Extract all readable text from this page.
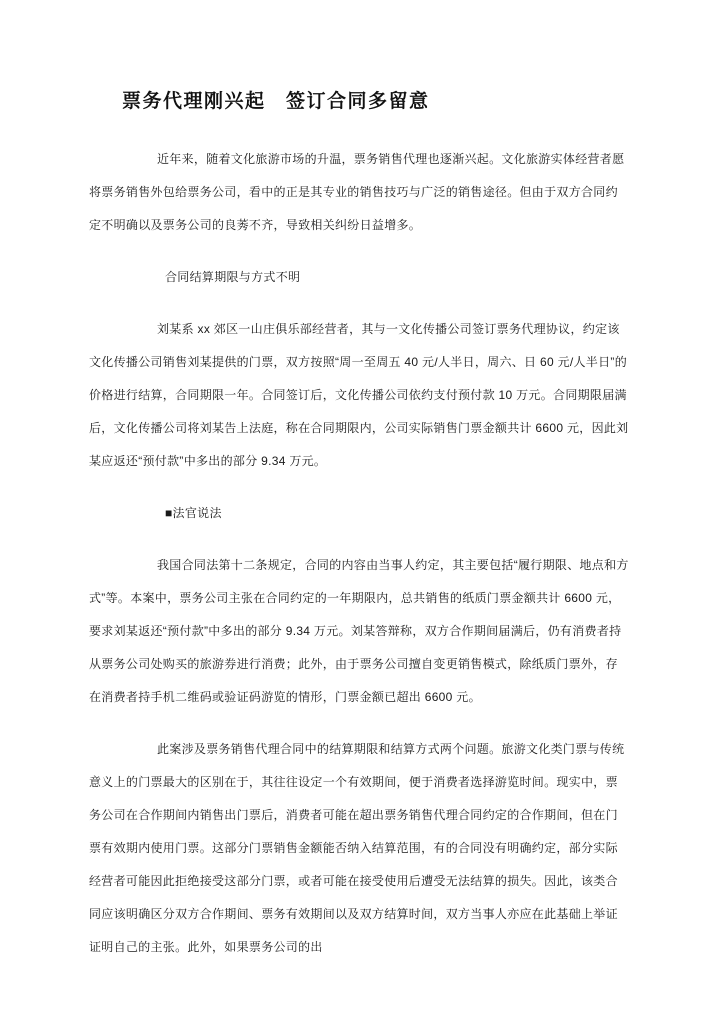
票务代理刚兴起　签订合同多留意

近年来，随着文化旅游市场的升温，票务销售代理也逐渐兴起。文化旅游实体经营者愿将票务销售外包给票务公司，看中的正是其专业的销售技巧与广泛的销售途径。但由于双方合同约定不明确以及票务公司的良莠不齐，导致相关纠纷日益增多。

合同结算期限与方式不明

刘某系 xx 郊区一山庄俱乐部经营者，其与一文化传播公司签订票务代理协议，约定该文化传播公司销售刘某提供的门票，双方按照“周一至周五 40 元/人半日，周六、日 60 元/人半日”的价格进行结算，合同期限一年。合同签订后，文化传播公司依约支付预付款 10 万元。合同期限届满后，文化传播公司将刘某告上法庭，称在合同期限内，公司实际销售门票金额共计 6600 元，因此刘某应返还“预付款”中多出的部分 9.34 万元。

■法官说法

我国合同法第十二条规定，合同的内容由当事人约定，其主要包括“履行期限、地点和方式”等。本案中，票务公司主张在合同约定的一年期限内，总共销售的纸质门票金额共计 6600 元，要求刘某返还“预付款”中多出的部分 9.34 万元。刘某答辩称，双方合作期间届满后，仍有消费者持从票务公司处购买的旅游券进行消费；此外，由于票务公司擅自变更销售模式，除纸质门票外，存在消费者持手机二维码或验证码游览的情形，门票金额已超出 6600 元。

此案涉及票务销售代理合同中的结算期限和结算方式两个问题。旅游文化类门票与传统意义上的门票最大的区别在于，其往往设定一个有效期间，便于消费者选择游览时间。现实中，票务公司在合作期间内销售出门票后，消费者可能在超出票务销售代理合同约定的合作期间，但在门票有效期内使用门票。这部分门票销售金额能否纳入结算范围，有的合同没有明确约定，部分实际经营者可能因此拒绝接受这部分门票，或者可能在接受使用后遭受无法结算的损失。因此，该类合同应该明确区分双方合作期间、票务有效期间以及双方结算时间，双方当事人亦应在此基础上举证证明自己的主张。此外，如果票务公司的出
